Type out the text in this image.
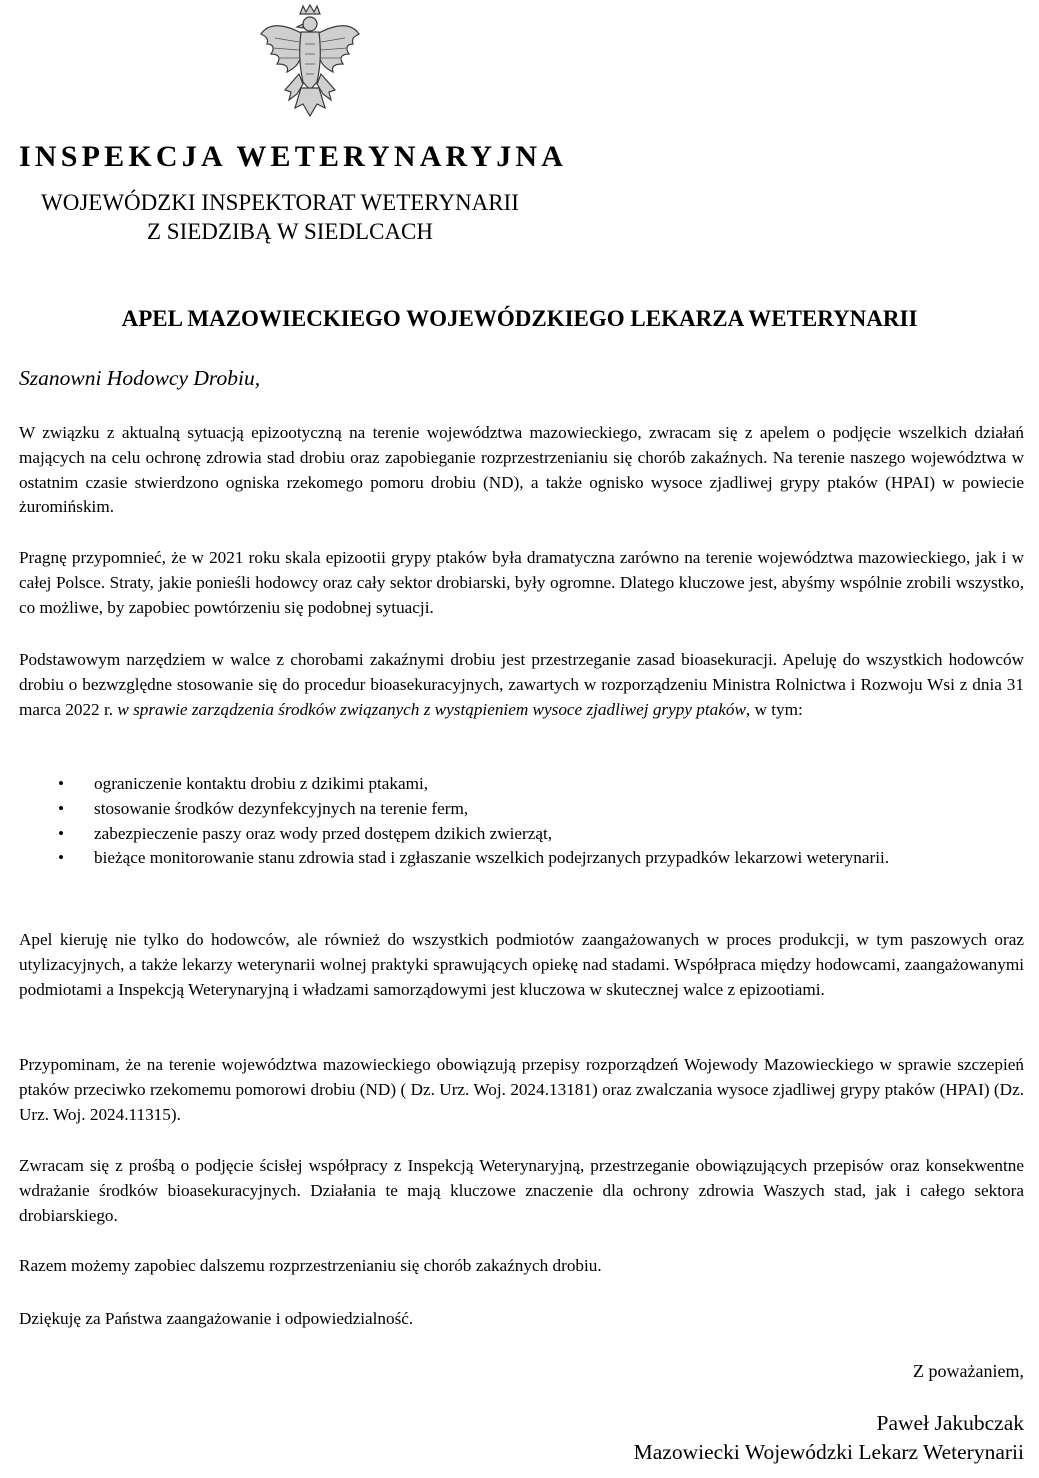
INSPEKCJA WETERYNARYJNA
WOJEWÓDZKI INSPEKTORAT WETERYNARII
Z SIEDZIBĄ W SIEDLCACH
APEL MAZOWIECKIEGO WOJEWÓDZKIEGO LEKARZA WETERYNARII
Szanowni Hodowcy Drobiu,

W związku z aktualną sytuacją epizootyczną na terenie województwa mazowieckiego, zwracam się z apelem o podjęcie wszelkich działań mających na celu ochronę zdrowia stad drobiu oraz zapobieganie rozprzestrzenianiu się chorób zakaźnych. Na terenie naszego województwa w ostatnim czasie stwierdzono ogniska rzekomego pomoru drobiu (ND), a także ognisko wysoce zjadliwej grypy ptaków (HPAI) w powiecie żuromińskim.

Pragnę przypomnieć, że w 2021 roku skala epizootii grypy ptaków była dramatyczna zarówno na terenie województwa mazowieckiego, jak i w całej Polsce. Straty, jakie ponieśli hodowcy oraz cały sektor drobiarski, były ogromne. Dlatego kluczowe jest, abyśmy wspólnie zrobili wszystko, co możliwe, by zapobiec powtórzeniu się podobnej sytuacji.

Podstawowym narzędziem w walce z chorobami zakaźnymi drobiu jest przestrzeganie zasad bioasekuracji. Apeluję do wszystkich hodowców drobiu o bezwzględne stosowanie się do procedur bioasekuracyjnych, zawartych w rozporządzeniu Ministra Rolnictwa i Rozwoju Wsi z dnia 31 marca 2022 r. w sprawie zarządzenia środków związanych z wystąpieniem wysoce zjadliwej grypy ptaków, w tym:

• ograniczenie kontaktu drobiu z dzikimi ptakami,
• stosowanie środków dezynfekcyjnych na terenie ferm,
• zabezpieczenie paszy oraz wody przed dostępem dzikich zwierząt,
• bieżące monitorowanie stanu zdrowia stad i zgłaszanie wszelkich podejrzanych przypadków lekarzowi weterynarii.

Apel kieruję nie tylko do hodowców, ale również do wszystkich podmiotów zaangażowanych w proces produkcji, w tym paszowych oraz utylizacyjnych, a także lekarzy weterynarii wolnej praktyki sprawujących opiekę nad stadami. Współpraca między hodowcami, zaangażowanymi podmiotami a Inspekcją Weterynaryjną i władzami samorządowymi jest kluczowa w skutecznej walce z epizootiami.

Przypominam, że na terenie województwa mazowieckiego obowiązują przepisy rozporządzeń Wojewody Mazowieckiego w sprawie szczepień ptaków przeciwko rzekomemu pomorowi drobiu (ND) ( Dz. Urz. Woj. 2024.13181) oraz zwalczania wysoce zjadliwej grypy ptaków (HPAI) (Dz. Urz. Woj. 2024.11315).

Zwracam się z prośbą o podjęcie ścisłej współpracy z Inspekcją Weterynaryjną, przestrzeganie obowiązujących przepisów oraz konsekwentne wdrażanie środków bioasekuracyjnych. Działania te mają kluczowe znaczenie dla ochrony zdrowia Waszych stad, jak i całego sektora drobiarskiego.

Razem możemy zapobiec dalszemu rozprzestrzenianiu się chorób zakaźnych drobiu.

Dziękuję za Państwa zaangażowanie i odpowiedzialność.

Z poważaniem,
Paweł Jakubczak
Mazowiecki Wojewódzki Lekarz Weterynarii
